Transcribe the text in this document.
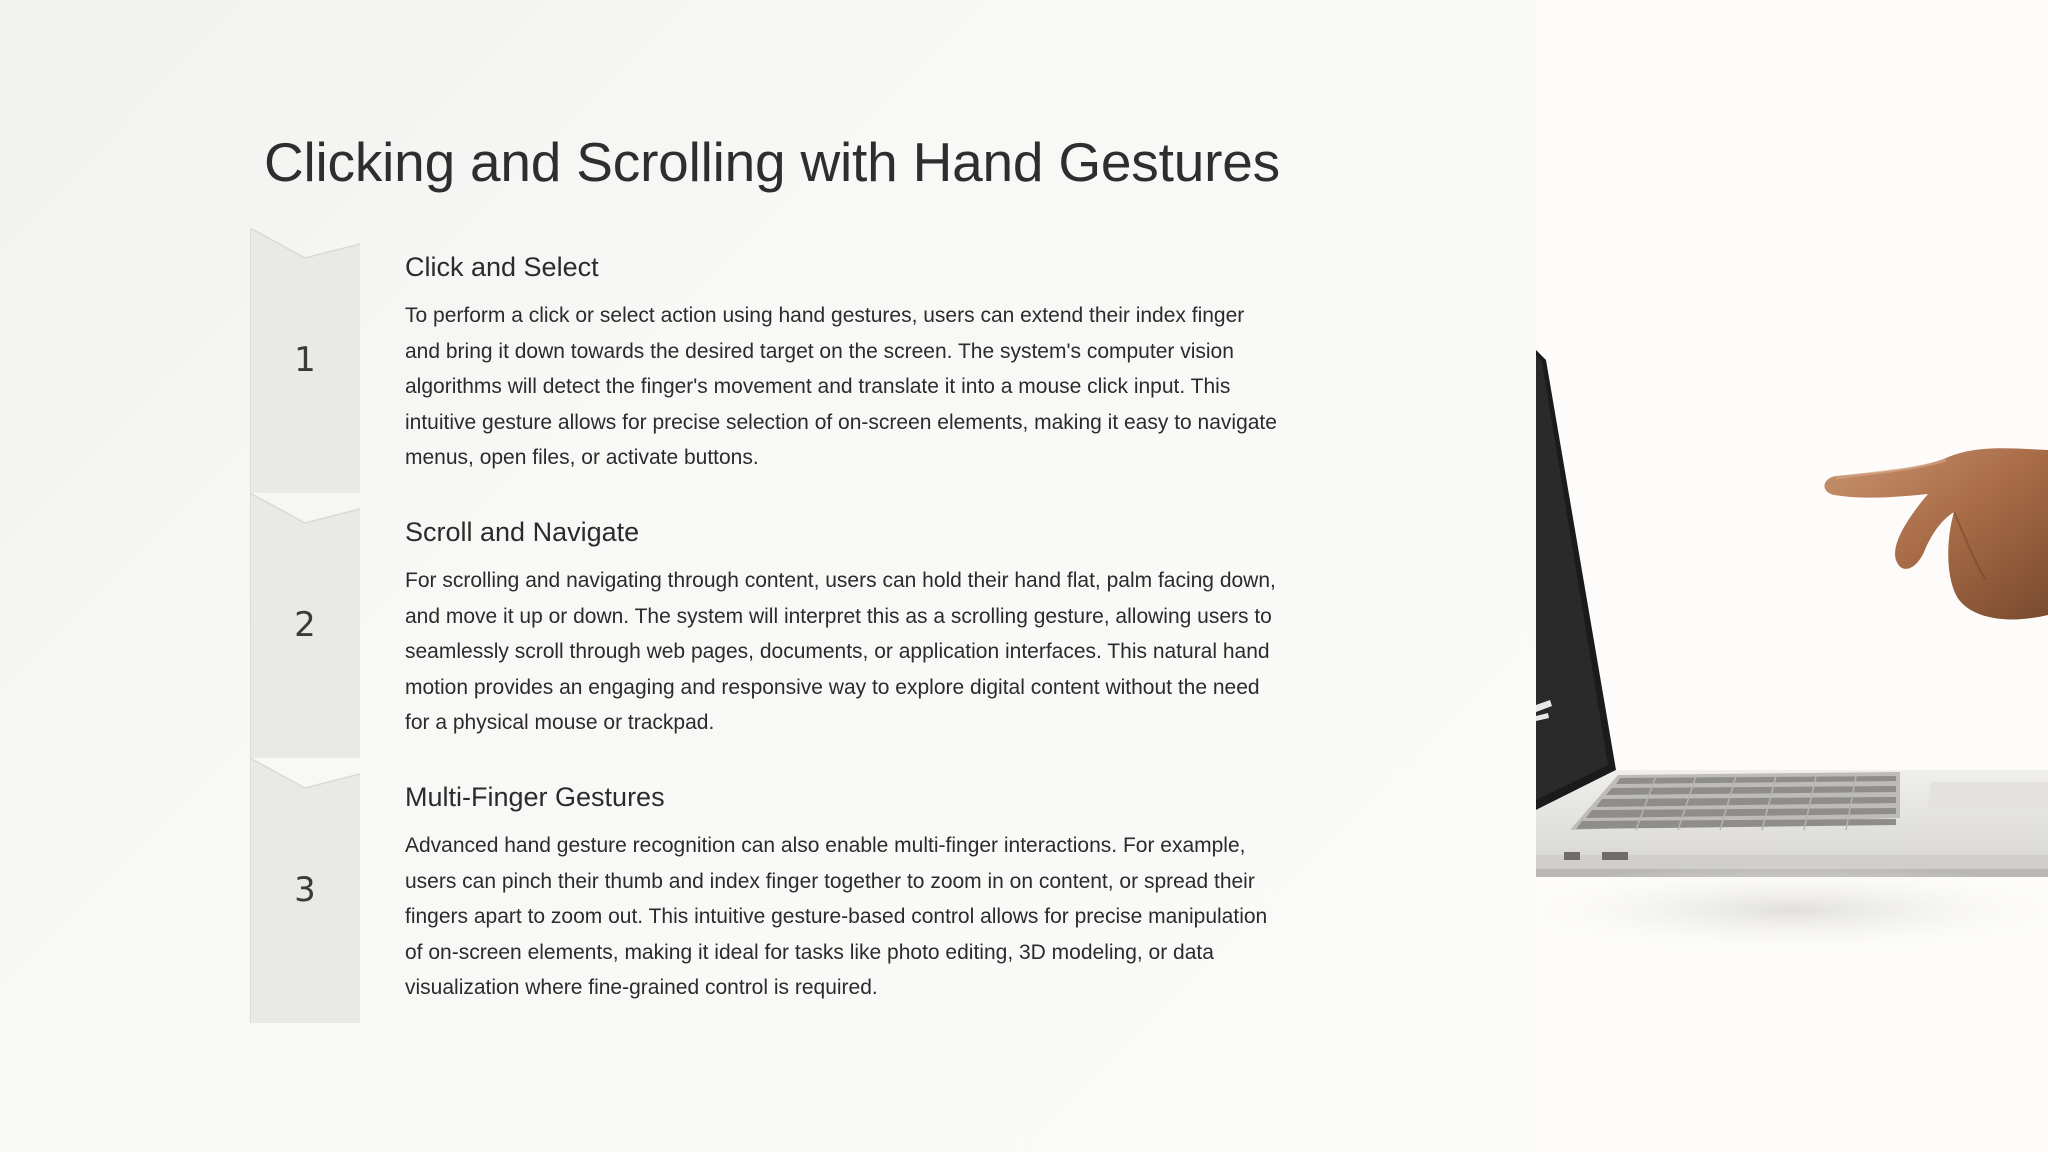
Clicking and Scrolling with Hand Gestures
1
Click and Select

To perform a click or select action using hand gestures, users can extend their index finger and bring it down towards the desired target on the screen. The system's computer vision algorithms will detect the finger's movement and translate it into a mouse click input. This intuitive gesture allows for precise selection of on-screen elements, making it easy to navigate menus, open files, or activate buttons.

2
Scroll and Navigate

For scrolling and navigating through content, users can hold their hand flat, palm facing down, and move it up or down. The system will interpret this as a scrolling gesture, allowing users to seamlessly scroll through web pages, documents, or application interfaces. This natural hand motion provides an engaging and responsive way to explore digital content without the need for a physical mouse or trackpad.

3
Multi-Finger Gestures

Advanced hand gesture recognition can also enable multi-finger interactions. For example, users can pinch their thumb and index finger together to zoom in on content, or spread their fingers apart to zoom out. This intuitive gesture-based control allows for precise manipulation of on-screen elements, making it ideal for tasks like photo editing, 3D modeling, or data visualization where fine-grained control is required.
